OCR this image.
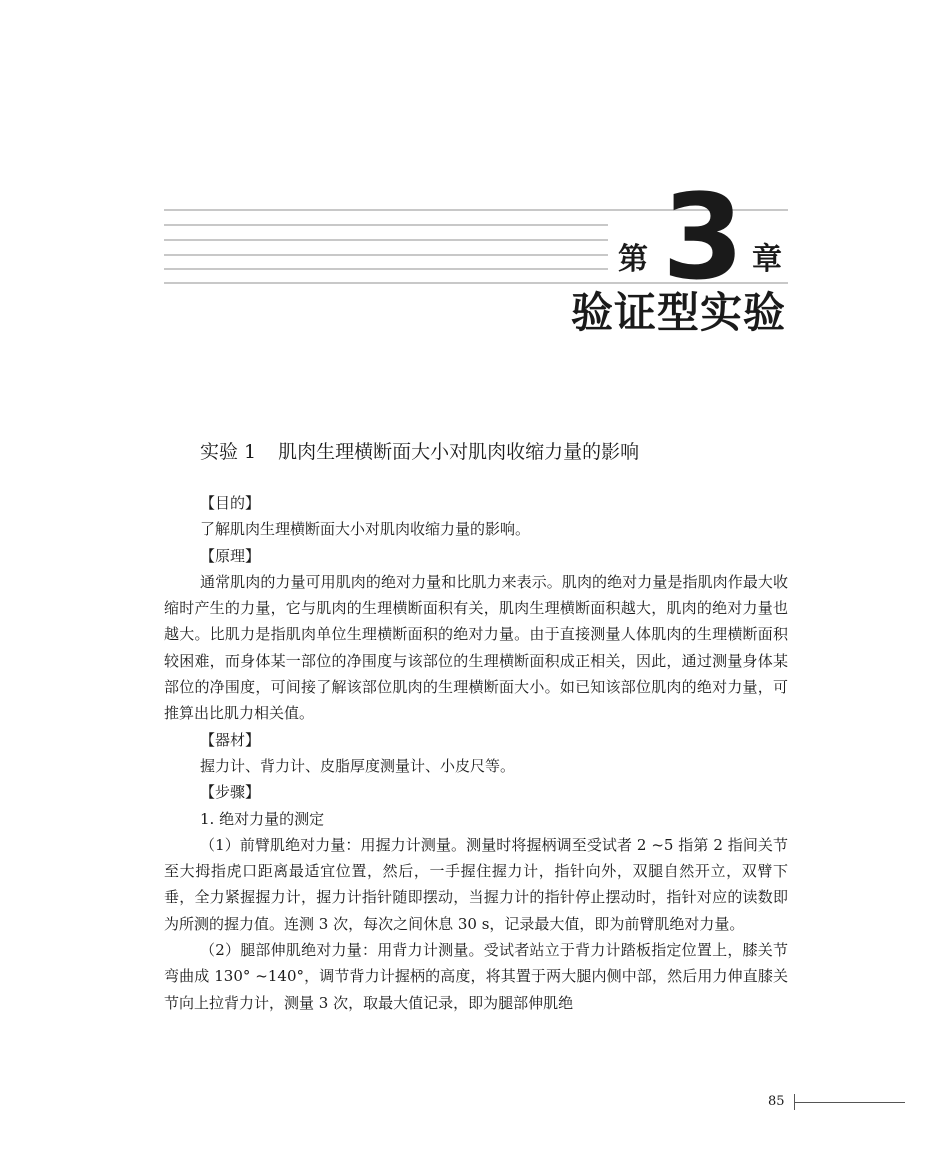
第 3 章
验证型实验
实验 1 肌肉生理横断面大小对肌肉收缩力量的影响

【目的】

了解肌肉生理横断面大小对肌肉收缩力量的影响。

【原理】

通常肌肉的力量可用肌肉的绝对力量和比肌力来表示。肌肉的绝对力量是指肌肉作最大收缩时产生的力量，它与肌肉的生理横断面积有关，肌肉生理横断面积越大，肌肉的绝对力量也越大。比肌力是指肌肉单位生理横断面积的绝对力量。由于直接测量人体肌肉的生理横断面积较困难，而身体某一部位的净围度与该部位的生理横断面积成正相关，因此，通过测量身体某部位的净围度，可间接了解该部位肌肉的生理横断面大小。如已知该部位肌肉的绝对力量，可推算出比肌力相关值。

【器材】

握力计、背力计、皮脂厚度测量计、小皮尺等。

【步骤】

1. 绝对力量的测定

（1）前臂肌绝对力量：用握力计测量。测量时将握柄调至受试者 2 ~5 指第 2 指间关节至大拇指虎口距离最适宜位置，然后，一手握住握力计，指针向外，双腿自然开立，双臂下垂，全力紧握握力计，握力计指针随即摆动，当握力计的指针停止摆动时，指针对应的读数即为所测的握力值。连测 3 次，每次之间休息 30 s，记录最大值，即为前臂肌绝对力量。

（2）腿部伸肌绝对力量：用背力计测量。受试者站立于背力计踏板指定位置上，膝关节弯曲成 130° ~140°，调节背力计握柄的高度，将其置于两大腿内侧中部，然后用力伸直膝关节向上拉背力计，测量 3 次，取最大值记录，即为腿部伸肌绝

85
